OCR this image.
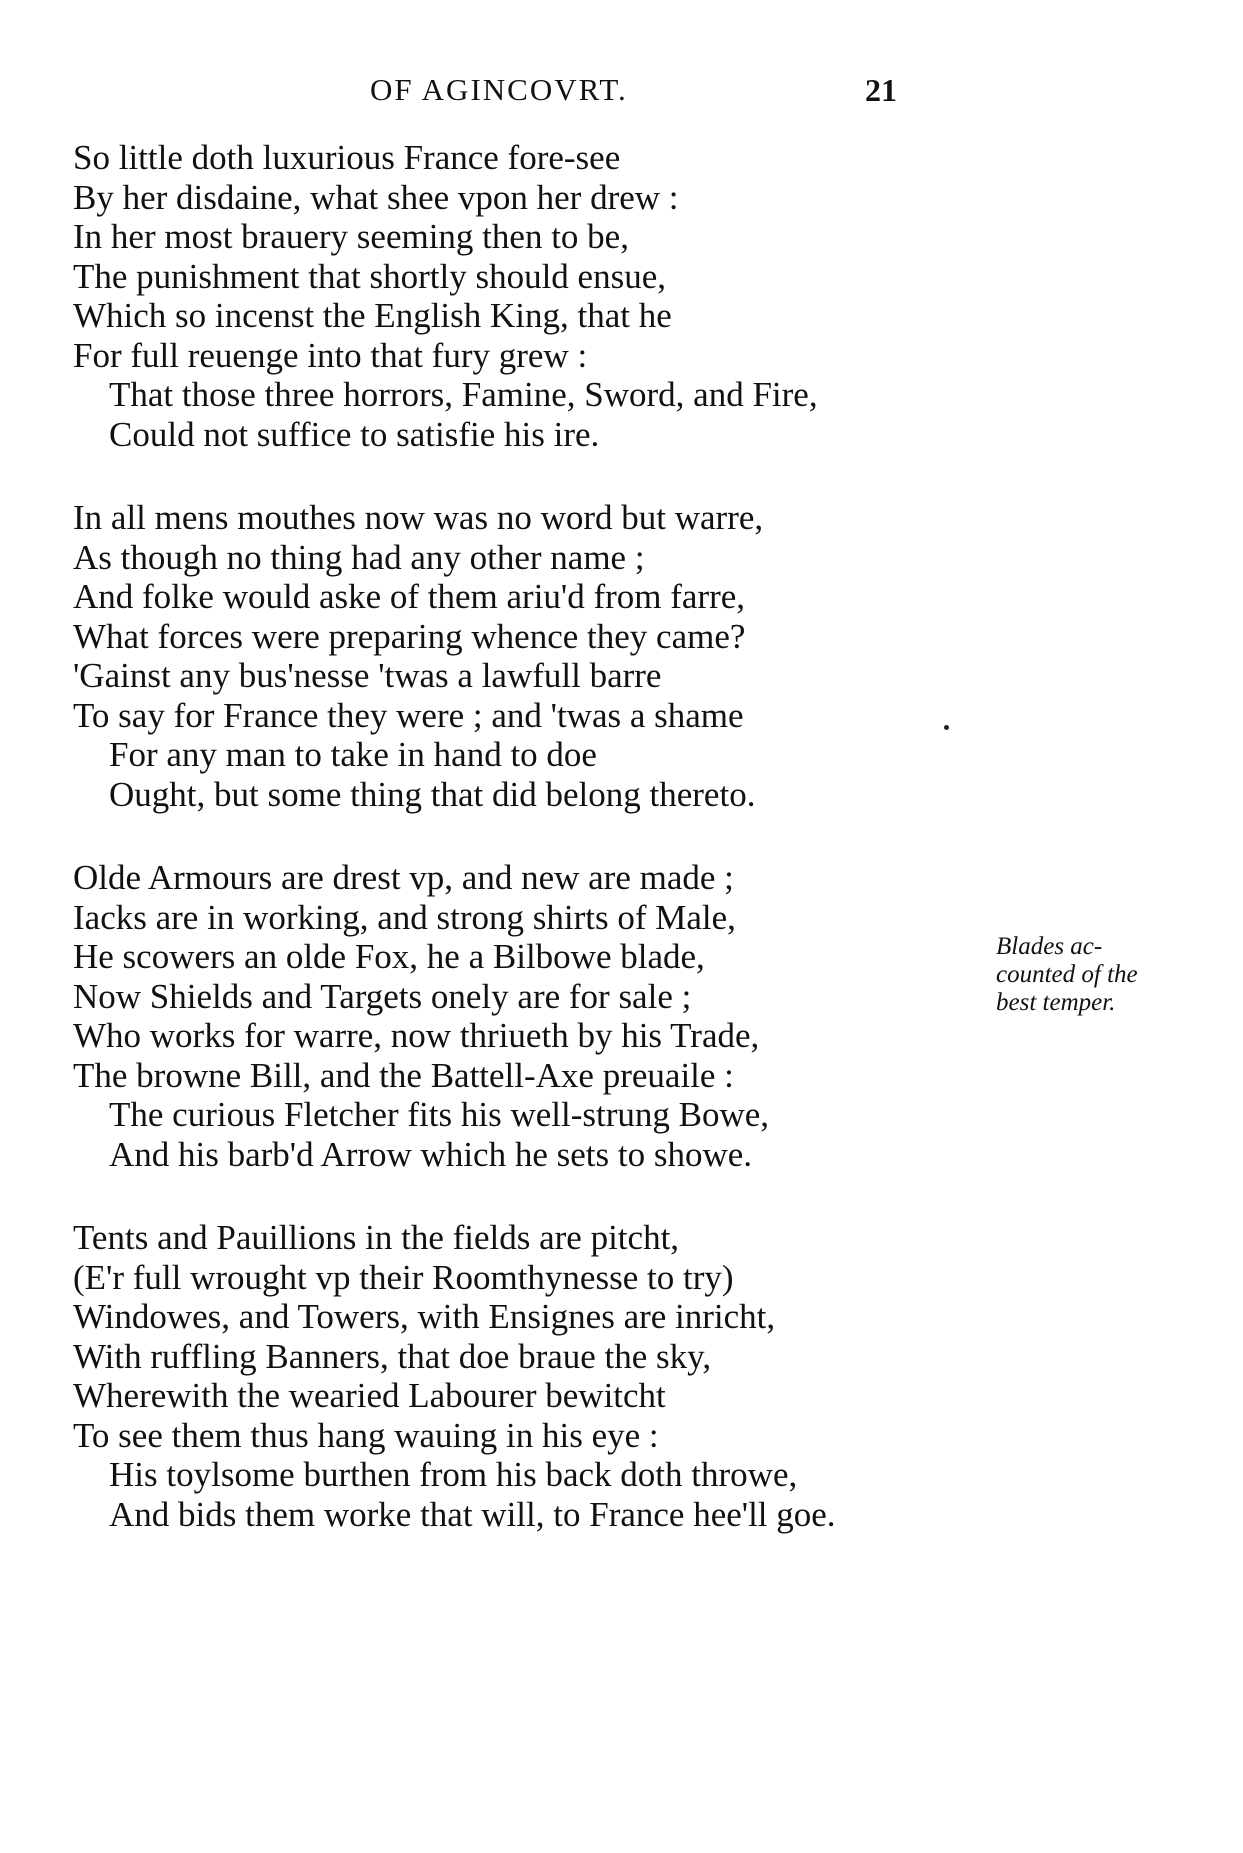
OF AGINCOVRT.	21
So little doth luxurious France fore-see
By her disdaine, what shee vpon her drew :
In her most brauery seeming then to be,
The punishment that shortly should ensue,
Which so incenst the English King, that he
For full reuenge into that fury grew :
That those three horrors, Famine, Sword, and Fire,
Could not suffice to satisfie his ire.
In all mens mouthes now was no word but warre,
As though no thing had any other name ;
And folke would aske of them ariu'd from farre,
What forces were preparing whence they came?
'Gainst any bus'nesse 'twas a lawfull barre
To say for France they were ; and 'twas a shame
For any man to take in hand to doe
Ought, but some thing that did belong thereto.
Olde Armours are drest vp, and new are made ;
Iacks are in working, and strong shirts of Male,
He scowers an olde Fox, he a Bilbowe blade,
Now Shields and Targets onely are for sale ;
Who works for warre, now thriueth by his Trade,
The browne Bill, and the Battell-Axe preuaile :
The curious Fletcher fits his well-strung Bowe,
And his barb'd Arrow which he sets to showe.
Tents and Pauillions in the fields are pitcht,
(E'r full wrought vp their Roomthynesse to try)
Windowes, and Towers, with Ensignes are inricht,
With ruffling Banners, that doe braue the sky,
Wherewith the wearied Labourer bewitcht
To see them thus hang wauing in his eye :
His toylsome burthen from his back doth throwe,
And bids them worke that will, to France hee'll goe.
Blades ac-
counted of the
best temper.
